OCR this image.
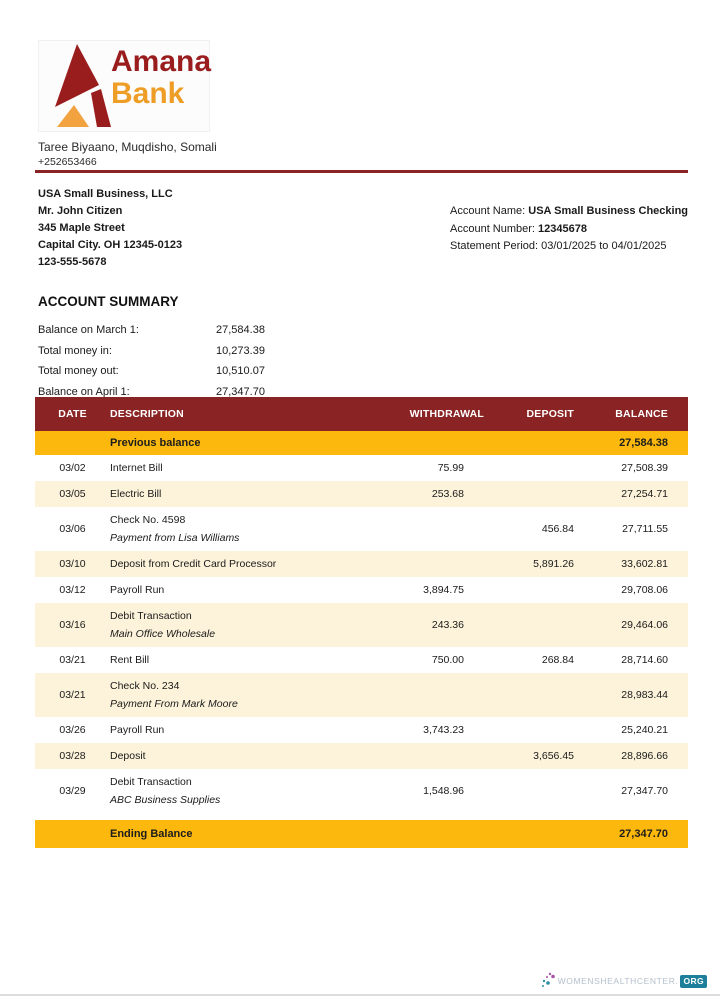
Amana
Bank
Taree Biyaano, Muqdisho, Somali
+252653466
USA Small Business, LLC
Mr. John Citizen
345 Maple Street
Capital City. OH 12345-0123
123-555-5678
Account Name: USA Small Business Checking
Account Number: 12345678
Statement Period: 03/01/2025 to 04/01/2025
ACCOUNT SUMMARY
Balance on March 1:	27,584.38
Total money in:	10,273.39
Total money out:	10,510.07
Balance on April 1:	27,347.70
DATE	DESCRIPTION	WITHDRAWAL	DEPOSIT	BALANCE
	Previous balance			27,584.38
03/02	Internet Bill	75.99		27,508.39
03/05	Electric Bill	253.68		27,254.71
03/06	Check No. 4598
Payment from Lisa Williams		456.84	27,711.55
03/10	Deposit from Credit Card Processor		5,891.26	33,602.81
03/12	Payroll Run	3,894.75		29,708.06
03/16	Debit Transaction
Main Office Wholesale	243.36		29,464.06
03/21	Rent Bill	750.00	268.84	28,714.60
03/21	Check No. 234
Payment From Mark Moore			28,983.44
03/26	Payroll Run	3,743.23		25,240.21
03/28	Deposit		3,656.45	28,896.66
03/29	Debit Transaction
ABC Business Supplies	1,548.96		27,347.70

	Ending Balance			27,347.70
WOMENSHEALTHCENTER. ORG
